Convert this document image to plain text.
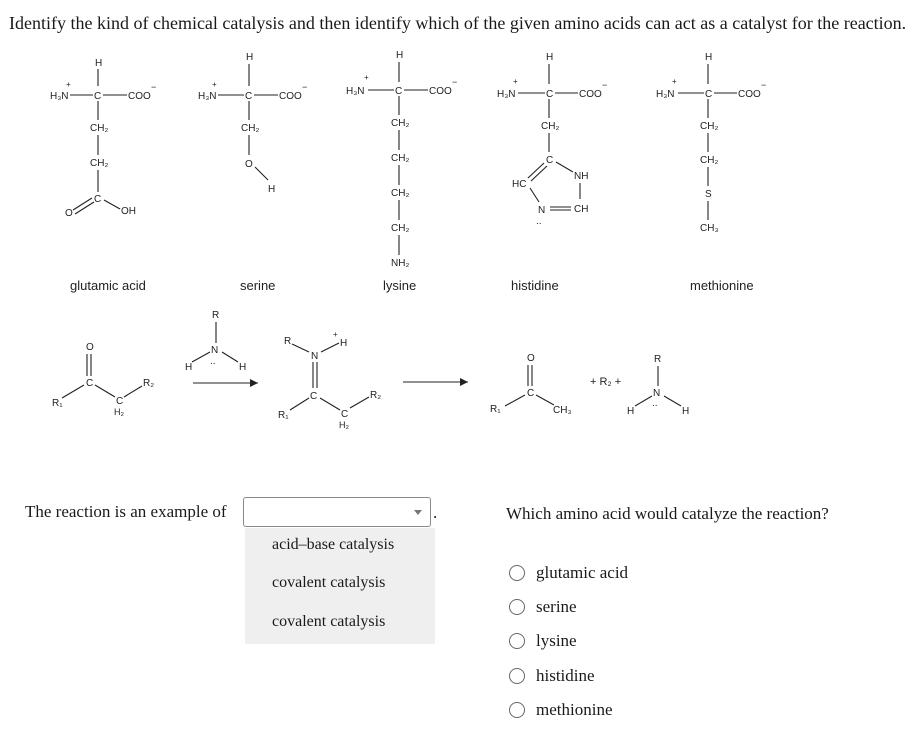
Identify the kind of chemical catalysis and then identify which of the given amino acids can act as a catalyst for the reaction.
H₃N
+
C	COO
−
H
CH₂
CH₂
C
O	OH
glutamic acid
H₃N
+
C	COO
−
H
CH₂
O
H
serine
H₃N
+
C	COO
−
H
CH₂
CH₂
CH₂
CH₂
NH₂
lysine
H₃N
+
C	COO
−
H
CH₂
C
NH
CH
N
..
HC
histidine
H₃N
+
C	COO
−
H
CH₂
CH₂
S
CH₃
methionine
O
C
R₁	C
H₂
R₂
R
N
..
H	H
R
+
N
H
C
R₁	C
H₂
R₂
O
C
R₁	CH₃
+ R₂ +
R
N
..
H	H
The reaction is an example of	.
acid–base catalysis
covalent catalysis
covalent catalysis
Which amino acid would catalyze the reaction?
glutamic acid
serine
lysine
histidine
methionine
